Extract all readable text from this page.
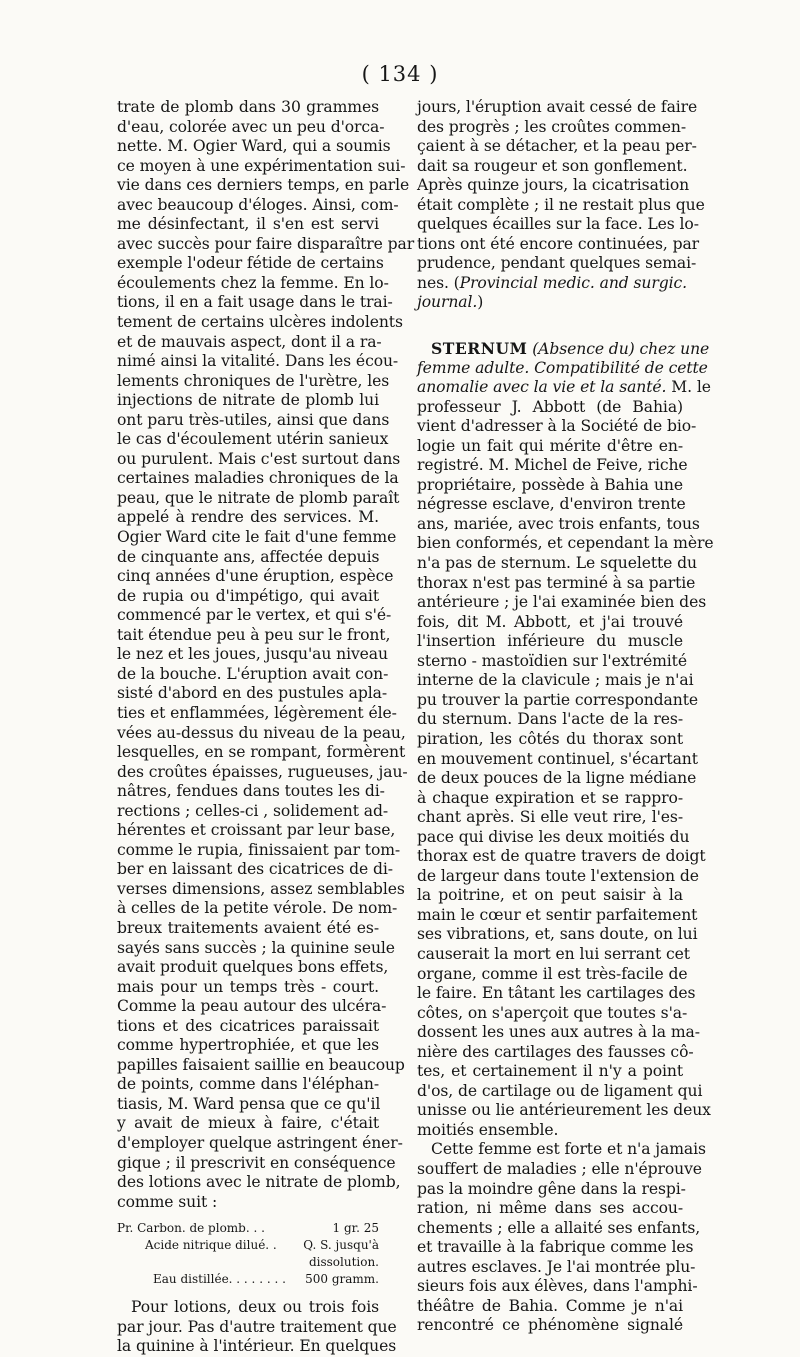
( 134 )
trate de plomb dans 30 grammes
d'eau, colorée avec un peu d'orca-
nette. M. Ogier Ward, qui a soumis
ce moyen à une expérimentation sui-
vie dans ces derniers temps, en parle
avec beaucoup d'éloges. Ainsi, com-
me désinfectant, il s'en est servi
avec succès pour faire disparaître par
exemple l'odeur fétide de certains
écoulements chez la femme. En lo-
tions, il en a fait usage dans le trai-
tement de certains ulcères indolents
et de mauvais aspect, dont il a ra-
nimé ainsi la vitalité. Dans les écou-
lements chroniques de l'urètre, les
injections de nitrate de plomb lui
ont paru très-utiles, ainsi que dans
le cas d'écoulement utérin sanieux
ou purulent. Mais c'est surtout dans
certaines maladies chroniques de la
peau, que le nitrate de plomb paraît
appelé à rendre des services. M.
Ogier Ward cite le fait d'une femme
de cinquante ans, affectée depuis
cinq années d'une éruption, espèce
de rupia ou d'impétigo, qui avait
commencé par le vertex, et qui s'é-
tait étendue peu à peu sur le front,
le nez et les joues, jusqu'au niveau
de la bouche. L'éruption avait con-
sisté d'abord en des pustules apla-
ties et enflammées, légèrement éle-
vées au-dessus du niveau de la peau,
lesquelles, en se rompant, formèrent
des croûtes épaisses, rugueuses, jau-
nâtres, fendues dans toutes les di-
rections ; celles-ci , solidement ad-
hérentes et croissant par leur base,
comme le rupia, finissaient par tom-
ber en laissant des cicatrices de di-
verses dimensions, assez semblables
à celles de la petite vérole. De nom-
breux traitements avaient été es-
sayés sans succès ; la quinine seule
avait produit quelques bons effets,
mais pour un temps très - court.
Comme la peau autour des ulcéra-
tions et des cicatrices paraissait
comme hypertrophiée, et que les
papilles faisaient saillie en beaucoup
de points, comme dans l'éléphan-
tiasis, M. Ward pensa que ce qu'il
y avait de mieux à faire, c'était
d'employer quelque astringent éner-
gique ; il prescrivit en conséquence
des lotions avec le nitrate de plomb,
comme suit :
Pr. Carbon. de plomb. . .	1 gr. 25
Acide nitrique dilué. . Q. S. jusqu'à
dissolution.
Eau distillée. . . . . . . . 500 gramm.
Pour lotions, deux ou trois fois
par jour. Pas d'autre traitement que
la quinine à l'intérieur. En quelques
jours, l'éruption avait cessé de faire
des progrès ; les croûtes commen-
çaient à se détacher, et la peau per-
dait sa rougeur et son gonflement.
Après quinze jours, la cicatrisation
était complète ; il ne restait plus que
quelques écailles sur la face. Les lo-
tions ont été encore continuées, par
prudence, pendant quelques semai-
nes. (Provincial medic. and surgic.
journal.)
STERNUM (Absence du) chez une
femme adulte. Compatibilité de cette
anomalie avec la vie et la santé. M. le
professeur J. Abbott (de Bahia)
vient d'adresser à la Société de bio-
logie un fait qui mérite d'être en-
registré. M. Michel de Feive, riche
propriétaire, possède à Bahia une
négresse esclave, d'environ trente
ans, mariée, avec trois enfants, tous
bien conformés, et cependant la mère
n'a pas de sternum. Le squelette du
thorax n'est pas terminé à sa partie
antérieure ; je l'ai examinée bien des
fois, dit M. Abbott, et j'ai trouvé
l'insertion inférieure du muscle
sterno - mastoïdien sur l'extrémité
interne de la clavicule ; mais je n'ai
pu trouver la partie correspondante
du sternum. Dans l'acte de la res-
piration, les côtés du thorax sont
en mouvement continuel, s'écartant
de deux pouces de la ligne médiane
à chaque expiration et se rappro-
chant après. Si elle veut rire, l'es-
pace qui divise les deux moitiés du
thorax est de quatre travers de doigt
de largeur dans toute l'extension de
la poitrine, et on peut saisir à la
main le cœur et sentir parfaitement
ses vibrations, et, sans doute, on lui
causerait la mort en lui serrant cet
organe, comme il est très-facile de
le faire. En tâtant les cartilages des
côtes, on s'aperçoit que toutes s'a-
dossent les unes aux autres à la ma-
nière des cartilages des fausses cô-
tes, et certainement il n'y a point
d'os, de cartilage ou de ligament qui
unisse ou lie antérieurement les deux
moitiés ensemble.
Cette femme est forte et n'a jamais
souffert de maladies ; elle n'éprouve
pas la moindre gêne dans la respi-
ration, ni même dans ses accou-
chements ; elle a allaité ses enfants,
et travaille à la fabrique comme les
autres esclaves. Je l'ai montrée plu-
sieurs fois aux élèves, dans l'amphi-
théâtre de Bahia. Comme je n'ai
rencontré ce phénomène signalé
